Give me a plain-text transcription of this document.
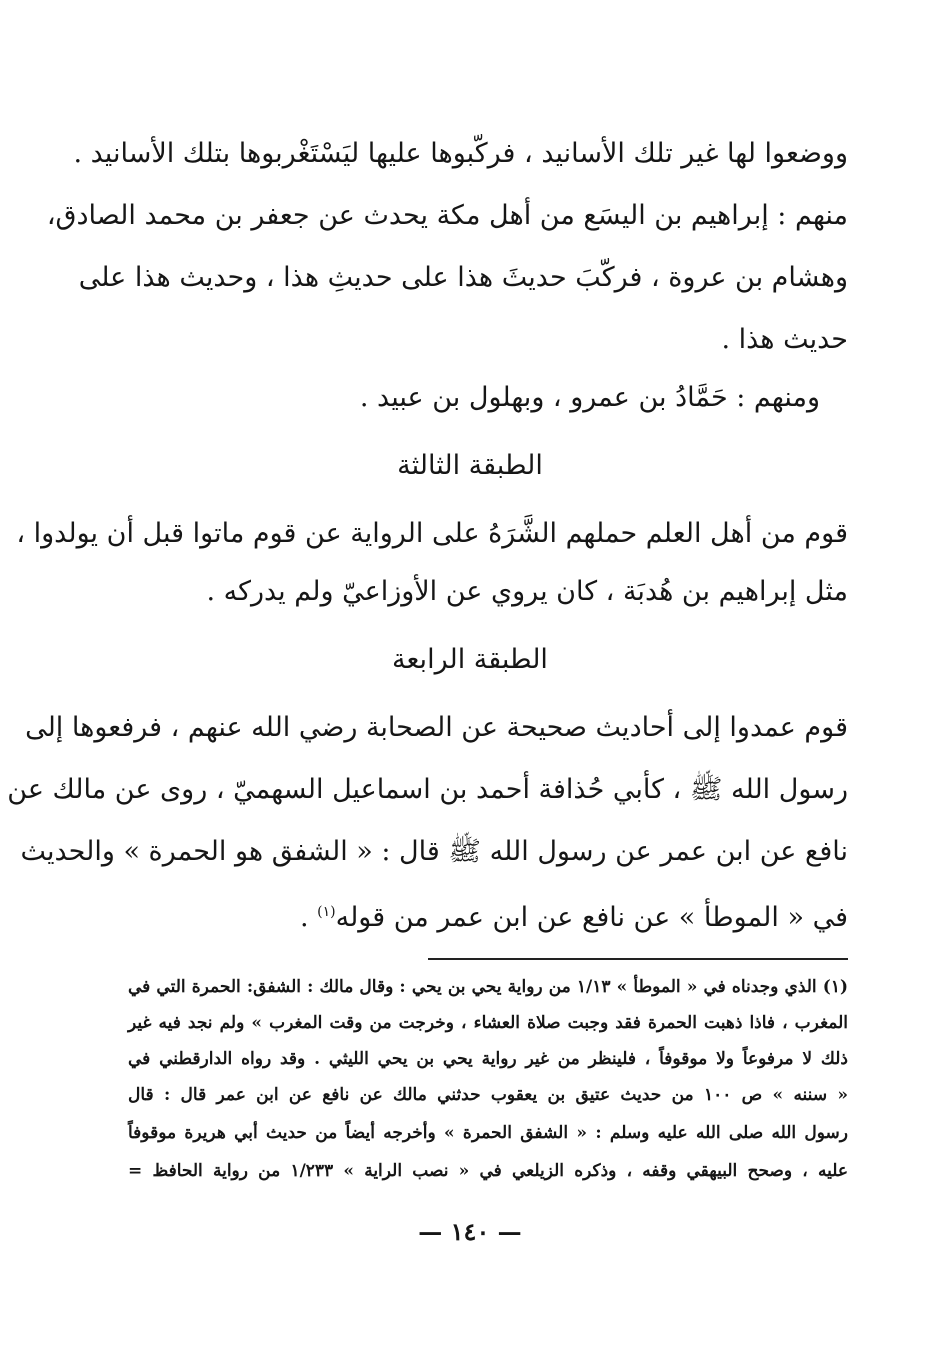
ووضعوا لها غير تلك الأسانيد ، فركّبوها عليها ليَسْتَغْربوها بتلك الأسانيد .
منهم : إبراهيم بن اليسَع من أهل مكة يحدث عن جعفر بن محمد الصادق،
وهشام بن عروة ، فركّبَ حديثَ هذا على حديثِ هذا ، وحديث هذا على
حديث هذا .
ومنهم : حَمَّادُ بن عمرو ، وبهلول بن عبيد .
الطبقة الثالثة
قوم من أهل العلم حملهم الشَّرَهُ على الرواية عن قوم ماتوا قبل أن يولدوا ،
مثل إبراهيم بن هُدبَة ، كان يروي عن الأوزاعيّ ولم يدركه .
الطبقة الرابعة
قوم عمدوا إلى أحاديث صحيحة عن الصحابة رضي الله عنهم ، فرفعوها إلى
رسول الله ﷺ ، كأبي حُذافة أحمد بن اسماعيل السهميّ ، روى عن مالك عن
نافع عن ابن عمر عن رسول الله ﷺ قال : « الشفق هو الحمرة » والحديث
في « الموطأ » عن نافع عن ابن عمر من قوله$^{(١)}$ .
(١) الذي وجدناه في « الموطأ » ١/١٣ من رواية يحي بن يحي : وقال مالك : الشفق: الحمرة التي في
المغرب ، فاذا ذهبت الحمرة فقد وجبت صلاة العشاء ، وخرجت من وقت المغرب » ولم نجد فيه غير
ذلك لا مرفوعاً ولا موقوفاً ، فلينظر من غير رواية يحي بن يحي الليثي . وقد رواه الدارقطني في
« سننه » ص ١٠٠ من حديث عتيق بن يعقوب حدثني مالك عن نافع عن ابن عمر قال : قال
رسول الله صلى الله عليه وسلم : « الشفق الحمرة » وأخرجه أيضاً من حديث أبي هريرة موقوفاً
عليه ، وصحح البيهقي وقفه ، وذكره الزيلعي في « نصب الراية » ١/٢٣٣ من رواية الحافظ =
— ١٤٠ —
